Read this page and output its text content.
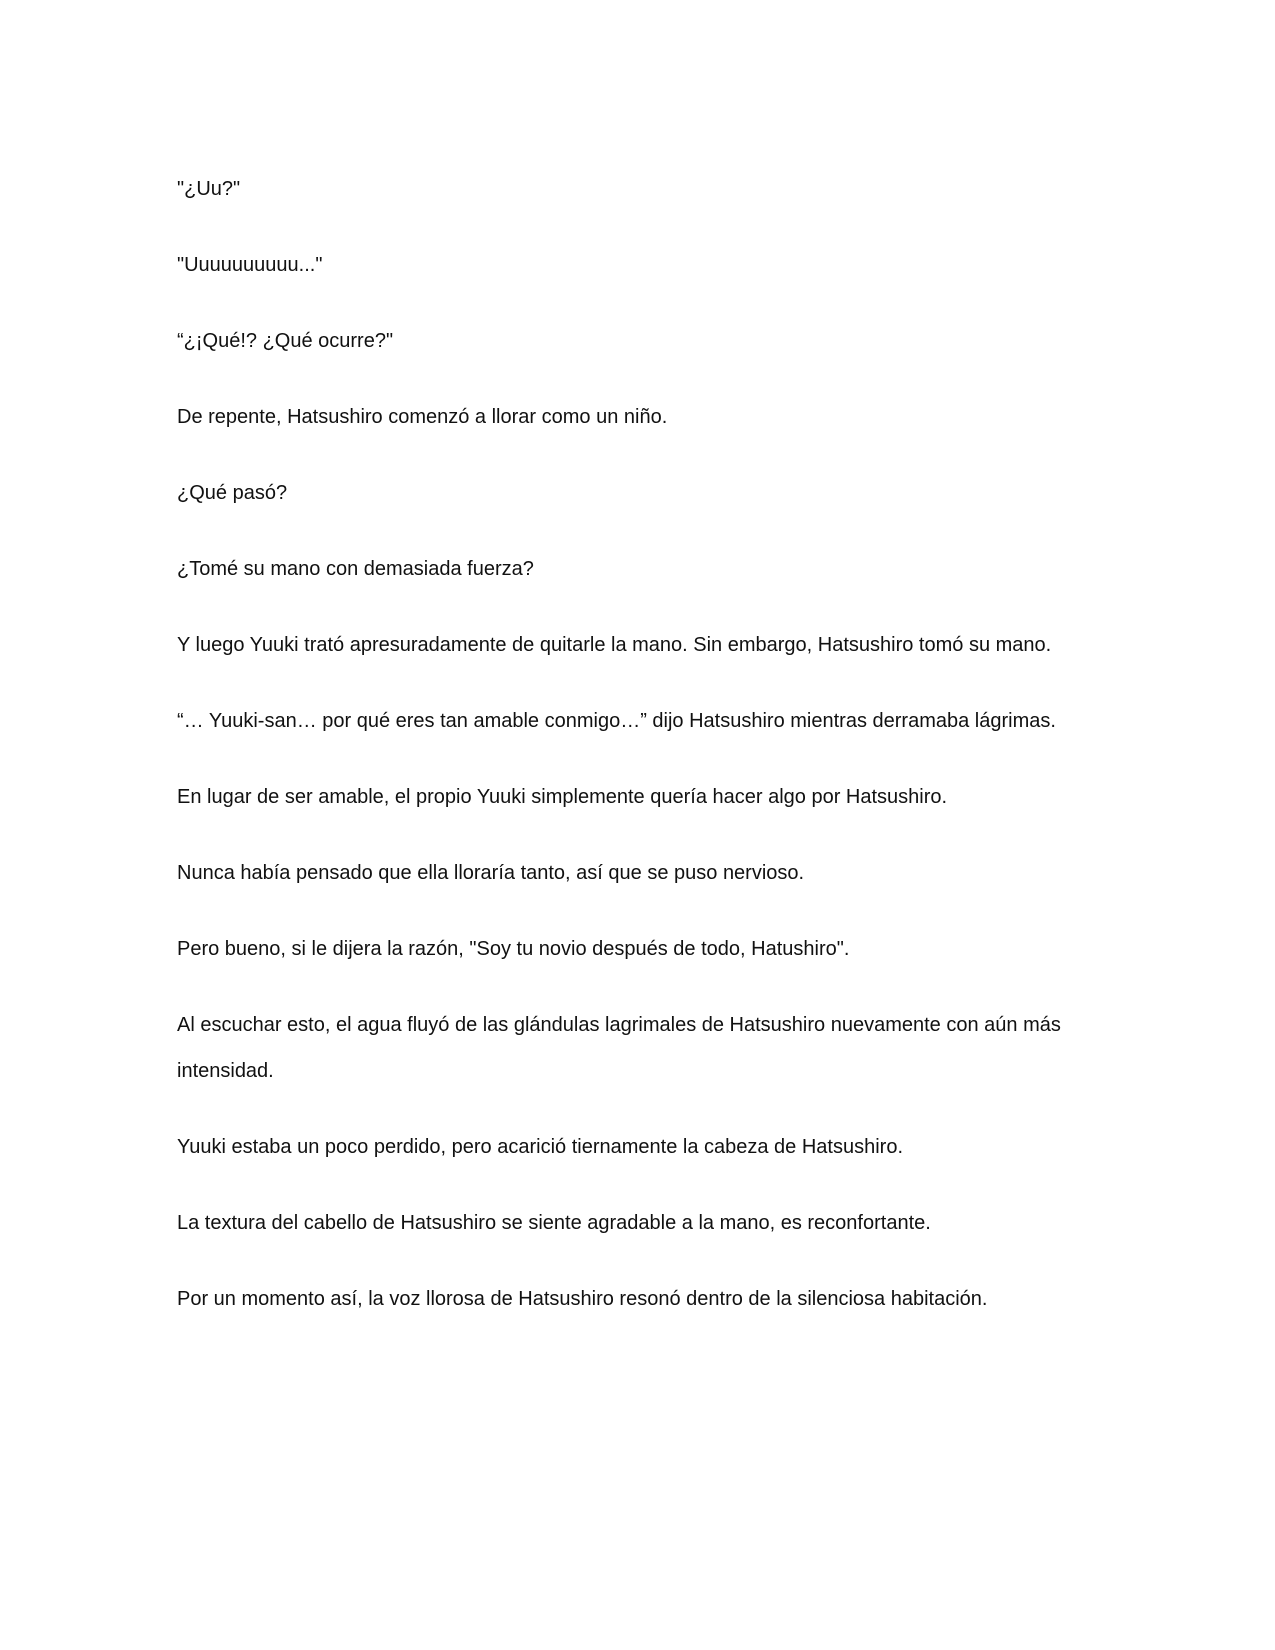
"¿Uu?"

"Uuuuuuuuuu..."

“¿¡Qué!? ¿Qué ocurre?"

De repente, Hatsushiro comenzó a llorar como un niño.

¿Qué pasó?

¿Tomé su mano con demasiada fuerza?

Y luego Yuuki trató apresuradamente de quitarle la mano. Sin embargo, Hatsushiro tomó su mano.

“… Yuuki-san… por qué eres tan amable conmigo…” dijo Hatsushiro mientras derramaba lágrimas.

En lugar de ser amable, el propio Yuuki simplemente quería hacer algo por Hatsushiro.

Nunca había pensado que ella lloraría tanto, así que se puso nervioso.

Pero bueno, si le dijera la razón, "Soy tu novio después de todo, Hatushiro".

Al escuchar esto, el agua fluyó de las glándulas lagrimales de Hatsushiro nuevamente con aún más intensidad.

Yuuki estaba un poco perdido, pero acarició tiernamente la cabeza de Hatsushiro.

La textura del cabello de Hatsushiro se siente agradable a la mano, es reconfortante.

Por un momento así, la voz llorosa de Hatsushiro resonó dentro de la silenciosa habitación.
